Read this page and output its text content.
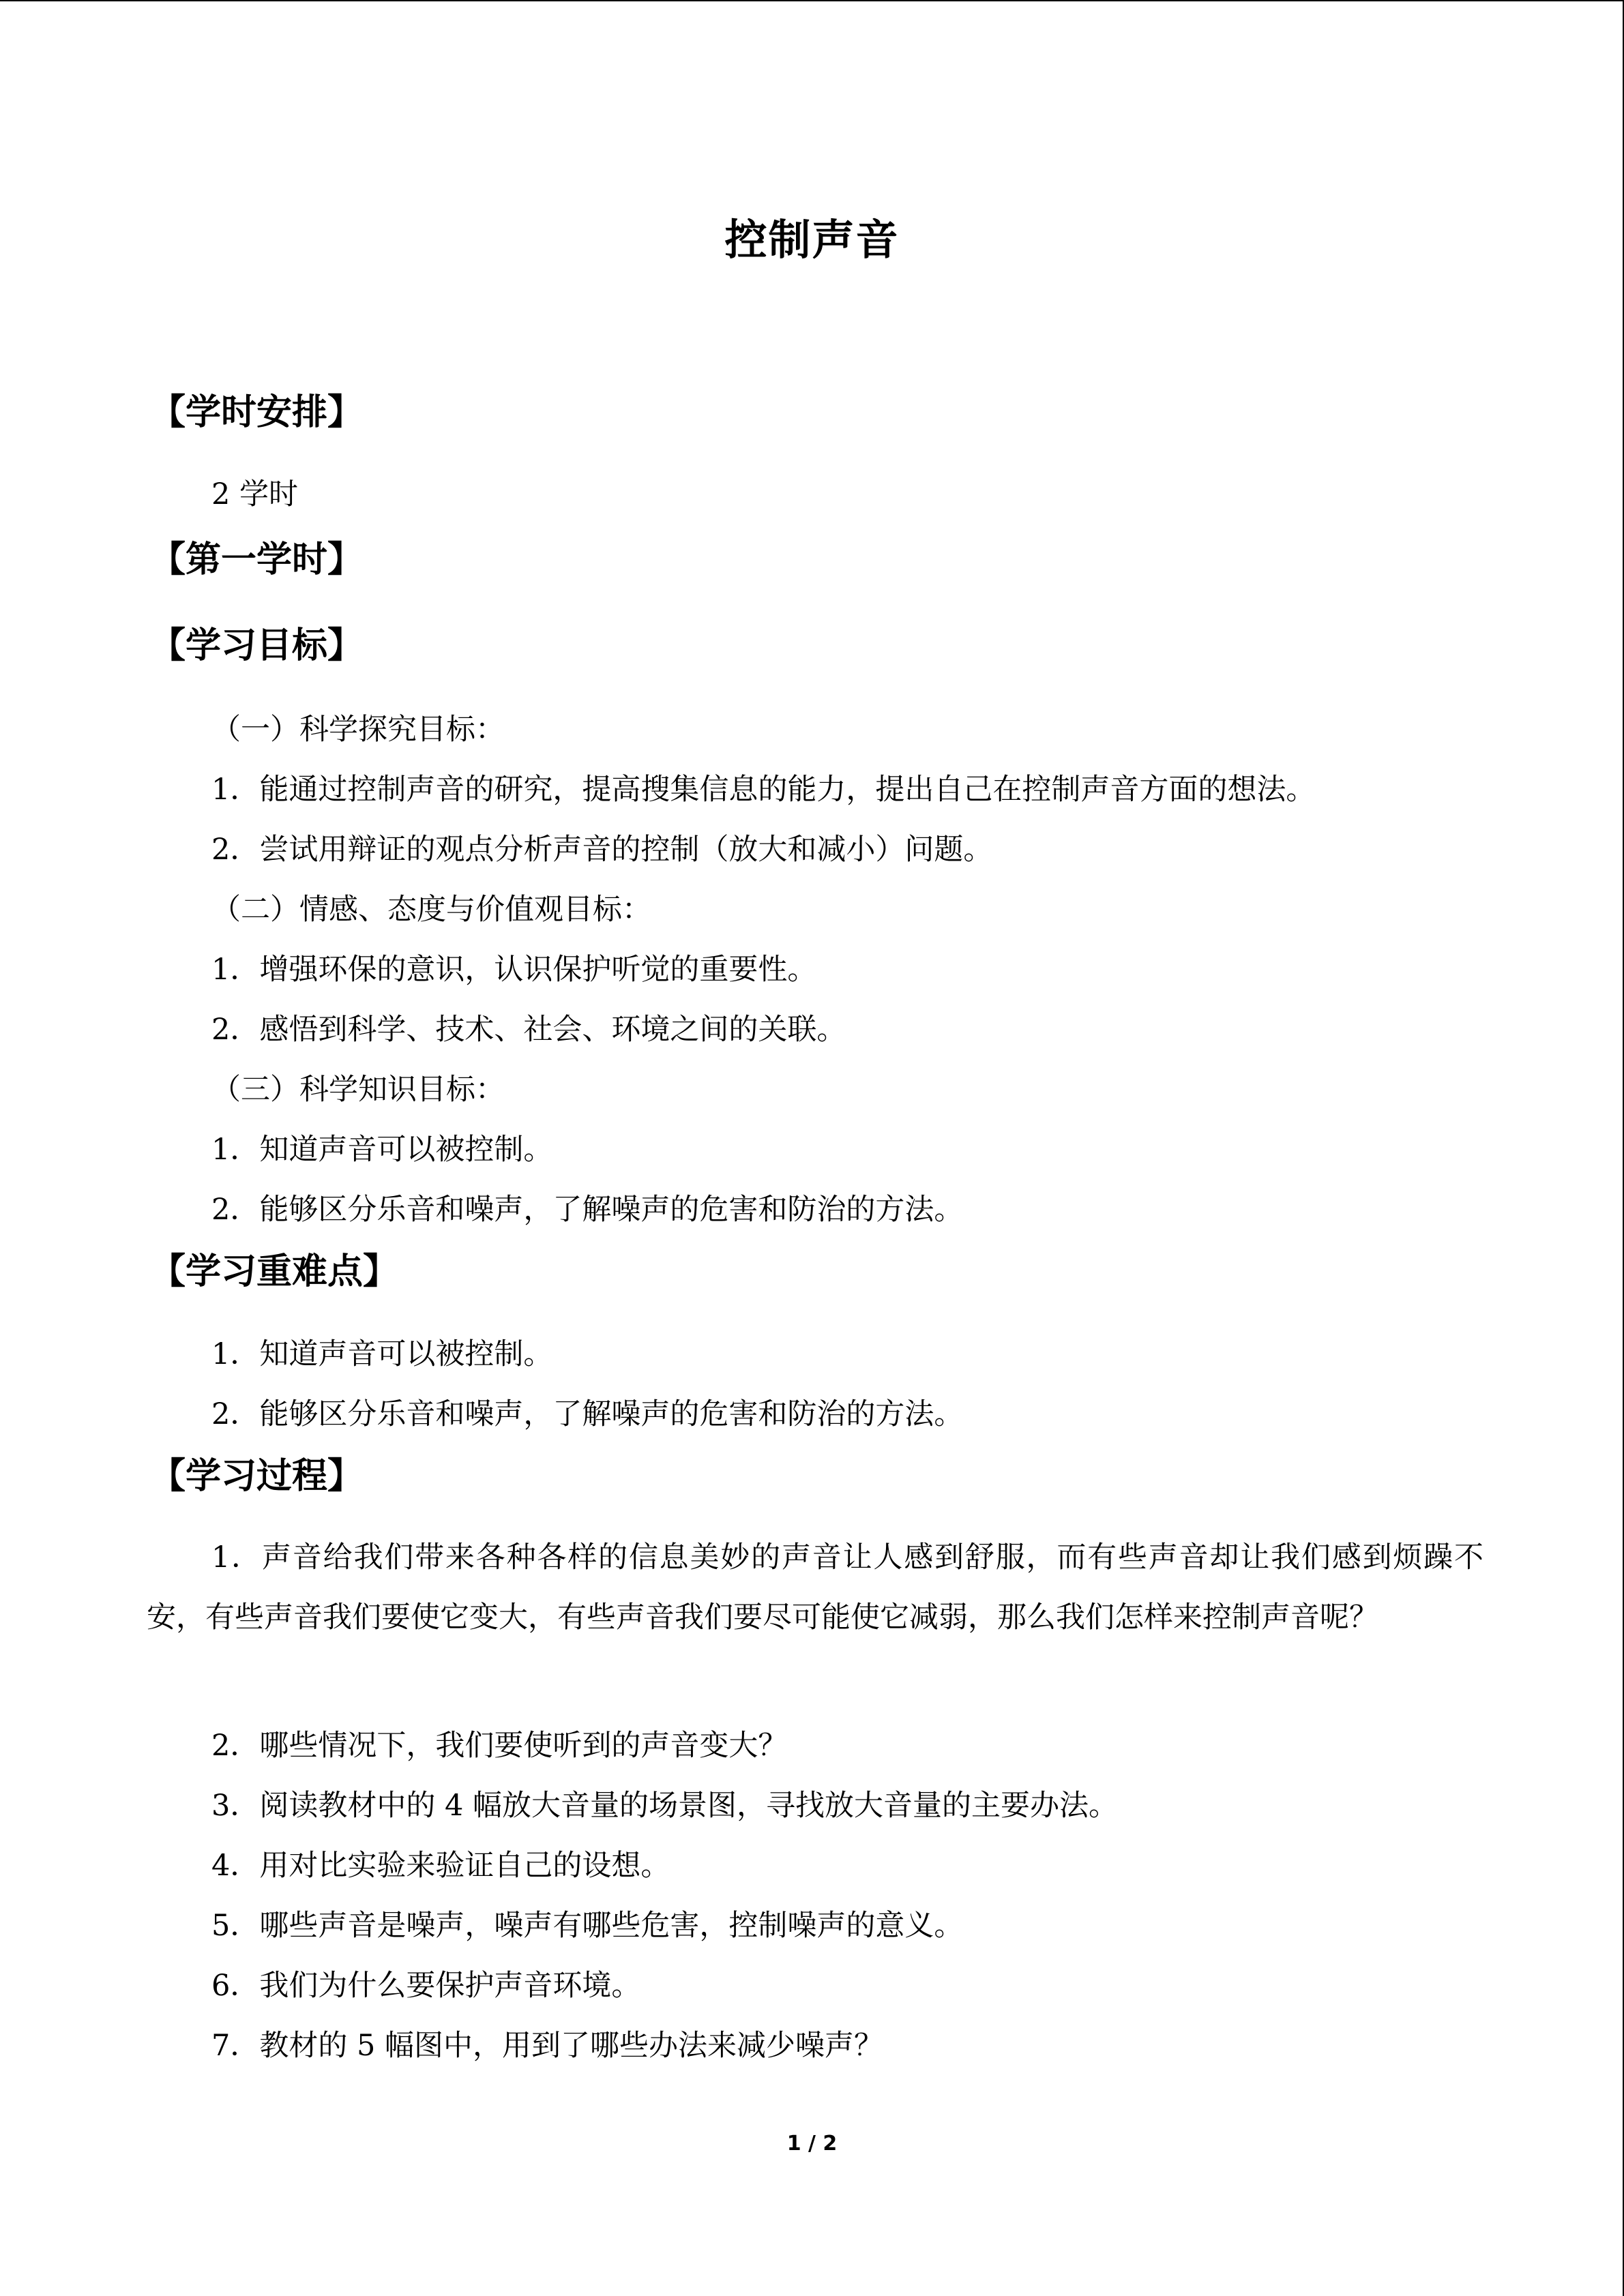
控制声音
【学时安排】
2 学时
【第一学时】
【学习目标】
（一）科学探究目标：
1．能通过控制声音的研究，提高搜集信息的能力，提出自己在控制声音方面的想法。
2．尝试用辩证的观点分析声音的控制（放大和减小）问题。
（二）情感、态度与价值观目标：
1．增强环保的意识，认识保护听觉的重要性。
2．感悟到科学、技术、社会、环境之间的关联。
（三）科学知识目标：
1．知道声音可以被控制。
2．能够区分乐音和噪声，了解噪声的危害和防治的方法。
【学习重难点】
1．知道声音可以被控制。
2．能够区分乐音和噪声，了解噪声的危害和防治的方法。
【学习过程】
1．声音给我们带来各种各样的信息美妙的声音让人感到舒服，而有些声音却让我们感到烦躁不安，有些声音我们要使它变大，有些声音我们要尽可能使它减弱，那么我们怎样来控制声音呢？
2．哪些情况下，我们要使听到的声音变大？
3．阅读教材中的 4 幅放大音量的场景图，寻找放大音量的主要办法。
4．用对比实验来验证自己的设想。
5．哪些声音是噪声，噪声有哪些危害，控制噪声的意义。
6．我们为什么要保护声音环境。
7．教材的 5 幅图中，用到了哪些办法来减少噪声？
1 / 2
